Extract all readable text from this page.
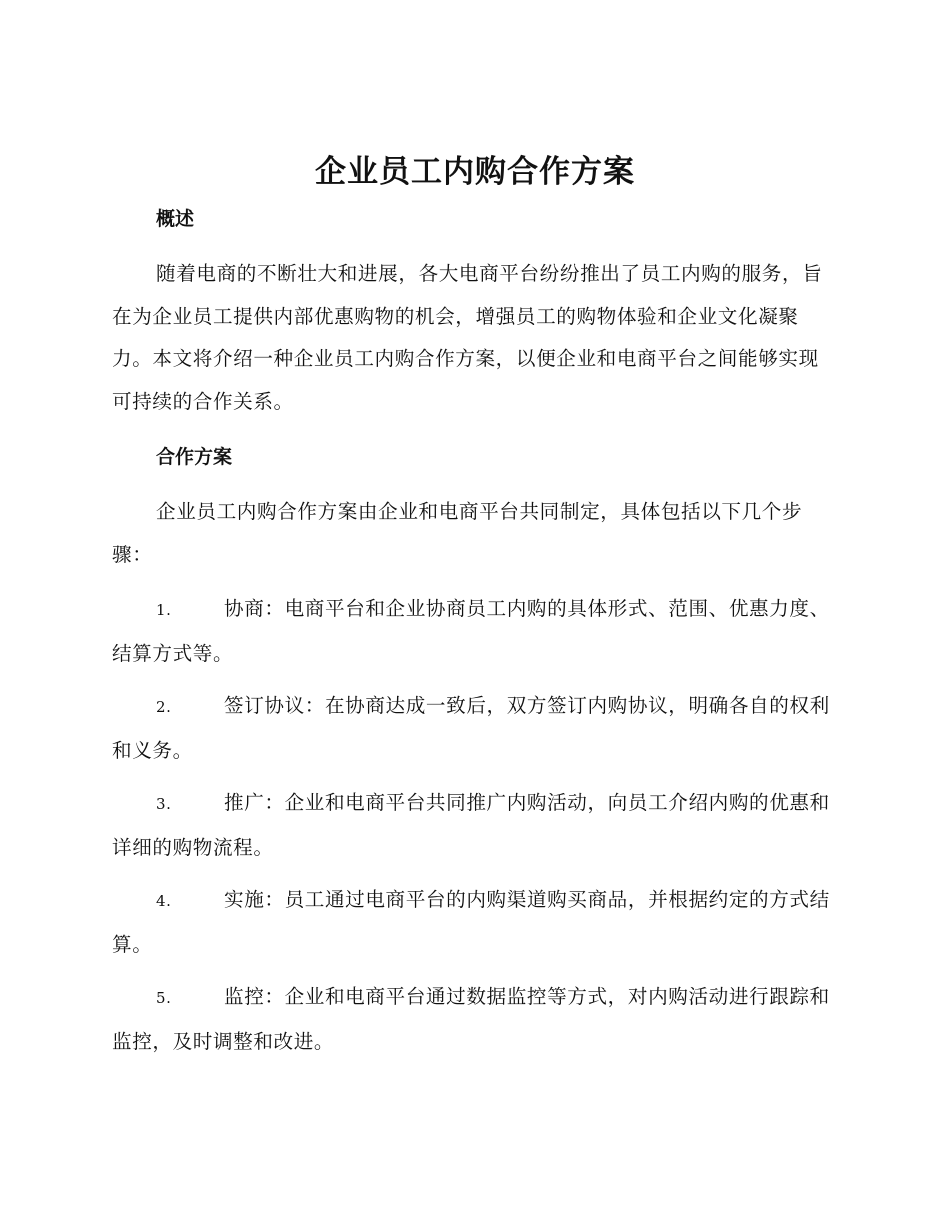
企业员工内购合作方案
概述

随着电商的不断壮大和进展，各大电商平台纷纷推出了员工内购的服务，旨在为企业员工提供内部优惠购物的机会，增强员工的购物体验和企业文化凝聚力。本文将介绍一种企业员工内购合作方案，以便企业和电商平台之间能够实现可持续的合作关系。

合作方案

企业员工内购合作方案由企业和电商平台共同制定，具体包括以下几个步骤：

1.	协商：电商平台和企业协商员工内购的具体形式、范围、优惠力度、结算方式等。
2.	签订协议：在协商达成一致后，双方签订内购协议，明确各自的权利和义务。
3.	推广：企业和电商平台共同推广内购活动，向员工介绍内购的优惠和详细的购物流程。
4.	实施：员工通过电商平台的内购渠道购买商品，并根据约定的方式结算。
5.	监控：企业和电商平台通过数据监控等方式，对内购活动进行跟踪和监控，及时调整和改进。
